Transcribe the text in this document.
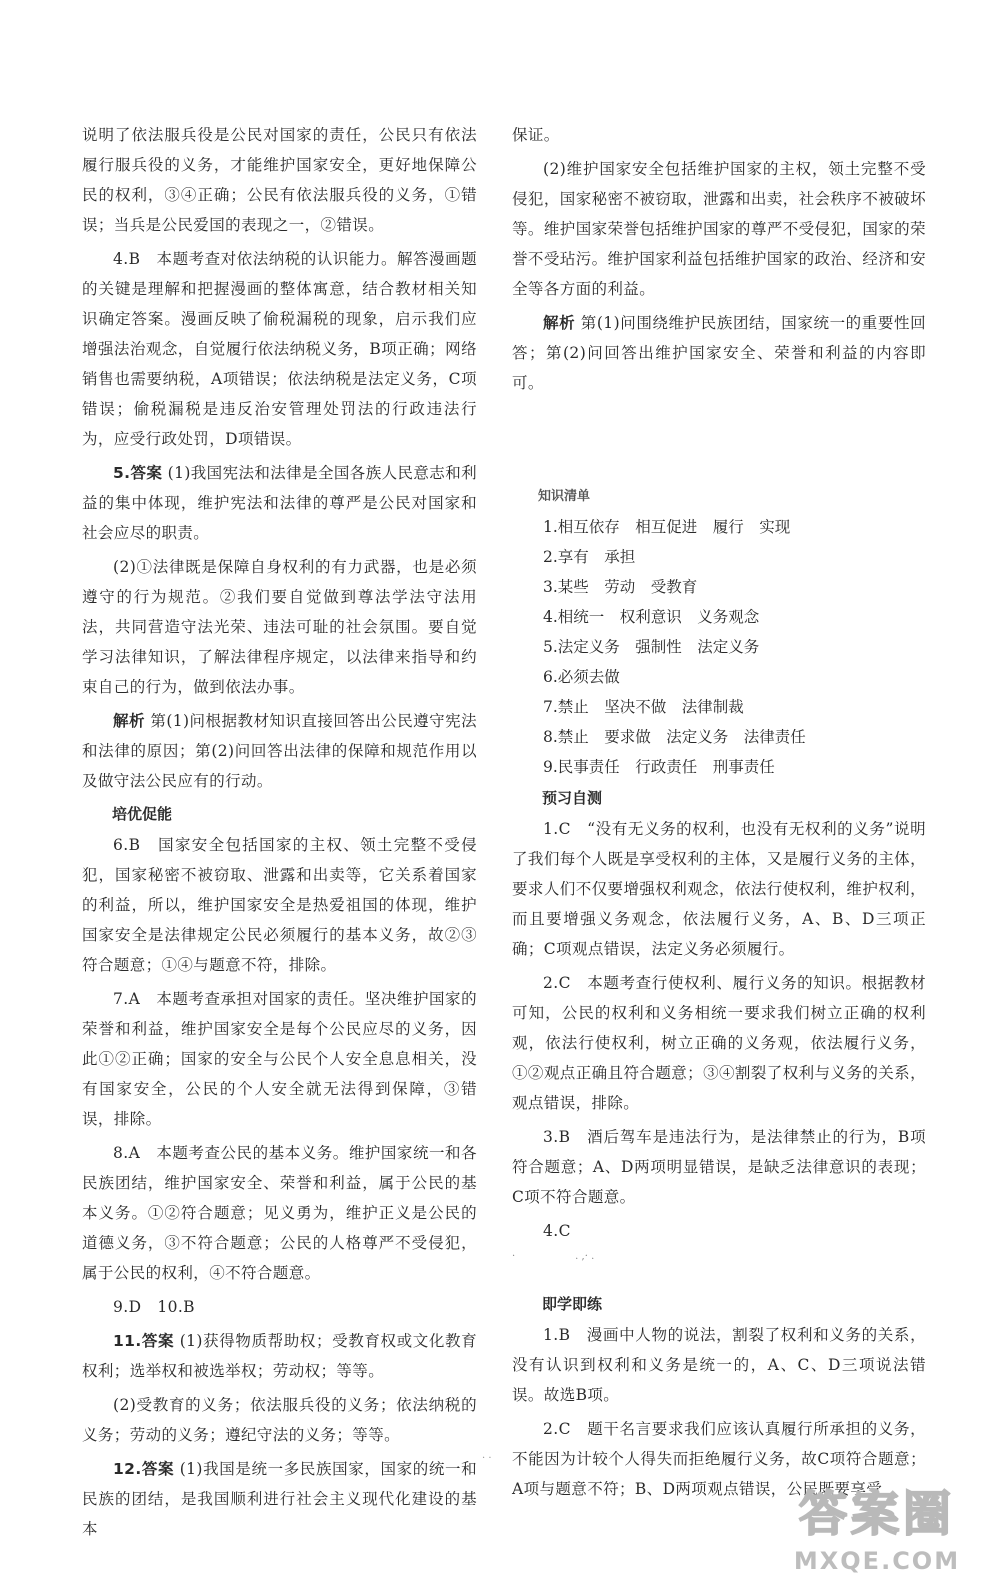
说明了依法服兵役是公民对国家的责任，公民只有依法履行服兵役的义务，才能维护国家安全，更好地保障公民的权利，③④正确；公民有依法服兵役的义务，①错误；当兵是公民爱国的表现之一，②错误。

4.B　本题考查对依法纳税的认识能力。解答漫画题的关键是理解和把握漫画的整体寓意，结合教材相关知识确定答案。漫画反映了偷税漏税的现象，启示我们应增强法治观念，自觉履行依法纳税义务，B项正确；网络销售也需要纳税，A项错误；依法纳税是法定义务，C项错误；偷税漏税是违反治安管理处罚法的行政违法行为，应受行政处罚，D项错误。

5.答案 (1)我国宪法和法律是全国各族人民意志和利益的集中体现，维护宪法和法律的尊严是公民对国家和社会应尽的职责。

(2)①法律既是保障自身权利的有力武器，也是必须遵守的行为规范。②我们要自觉做到尊法学法守法用法，共同营造守法光荣、违法可耻的社会氛围。要自觉学习法律知识，了解法律程序规定，以法律来指导和约束自己的行为，做到依法办事。

解析 第(1)问根据教材知识直接回答出公民遵守宪法和法律的原因；第(2)问回答出法律的保障和规范作用以及做守法公民应有的行动。

培优促能

6.B　国家安全包括国家的主权、领土完整不受侵犯，国家秘密不被窃取、泄露和出卖等，它关系着国家的利益，所以，维护国家安全是热爱祖国的体现，维护国家安全是法律规定公民必须履行的基本义务，故②③符合题意；①④与题意不符，排除。

7.A　本题考查承担对国家的责任。坚决维护国家的荣誉和利益，维护国家安全是每个公民应尽的义务，因此①②正确；国家的安全与公民个人安全息息相关，没有国家安全，公民的个人安全就无法得到保障，③错误，排除。

8.A　本题考查公民的基本义务。维护国家统一和各民族团结，维护国家安全、荣誉和利益，属于公民的基本义务。①②符合题意；见义勇为，维护正义是公民的道德义务，③不符合题意；公民的人格尊严不受侵犯，属于公民的权利，④不符合题意。

9.D　10.B

11.答案 (1)获得物质帮助权；受教育权或文化教育权利；选举权和被选举权；劳动权；等等。

(2)受教育的义务；依法服兵役的义务；依法纳税的义务；劳动的义务；遵纪守法的义务；等等。

12.答案 (1)我国是统一多民族国家，国家的统一和民族的团结，是我国顺利进行社会主义现代化建设的基本

保证。

(2)维护国家安全包括维护国家的主权，领土完整不受侵犯，国家秘密不被窃取，泄露和出卖，社会秩序不被破坏等。维护国家荣誉包括维护国家的尊严不受侵犯，国家的荣誉不受玷污。维护国家利益包括维护国家的政治、经济和安全等各方面的利益。

解析 第(1)问围绕维护民族团结，国家统一的重要性回答；第(2)问回答出维护国家安全、荣誉和利益的内容即可。

知识清单

1.相互依存　相互促进　履行　实现

2.享有　承担

3.某些　劳动　受教育

4.相统一　权利意识　义务观念

5.法定义务　强制性　法定义务

6.必须去做

7.禁止　坚决不做　法律制裁

8.禁止　要求做　法定义务　法律责任

9.民事责任　行政责任　刑事责任

预习自测

1.C　“没有无义务的权利，也没有无权利的义务”说明了我们每个人既是享受权利的主体，又是履行义务的主体，要求人们不仅要增强权利观念，依法行使权利，维护权利，而且要增强义务观念，依法履行义务，A、B、D三项正确；C项观点错误，法定义务必须履行。

2.C　本题考查行使权利、履行义务的知识。根据教材可知，公民的权利和义务相统一要求我们树立正确的权利观，依法行使权利，树立正确的义务观，依法履行义务，①②观点正确且符合题意；③④割裂了权利与义务的关系，观点错误，排除。

3.B　酒后驾车是违法行为，是法律禁止的行为，B项符合题意；A、D两项明显错误，是缺乏法律意识的表现；C项不符合题意。

4.C

·　　　　　　. ,· .
即学即练

1.B　漫画中人物的说法，割裂了权利和义务的关系，没有认识到权利和义务是统一的，A、C、D三项说法错误。故选B项。

2.C　题干名言要求我们应该认真履行所承担的义务，不能因为计较个人得失而拒绝履行义务，故C项符合题意；A项与题意不符；B、D两项观点错误，公民既要享受

· ·
答案圈
MXQE.COM
